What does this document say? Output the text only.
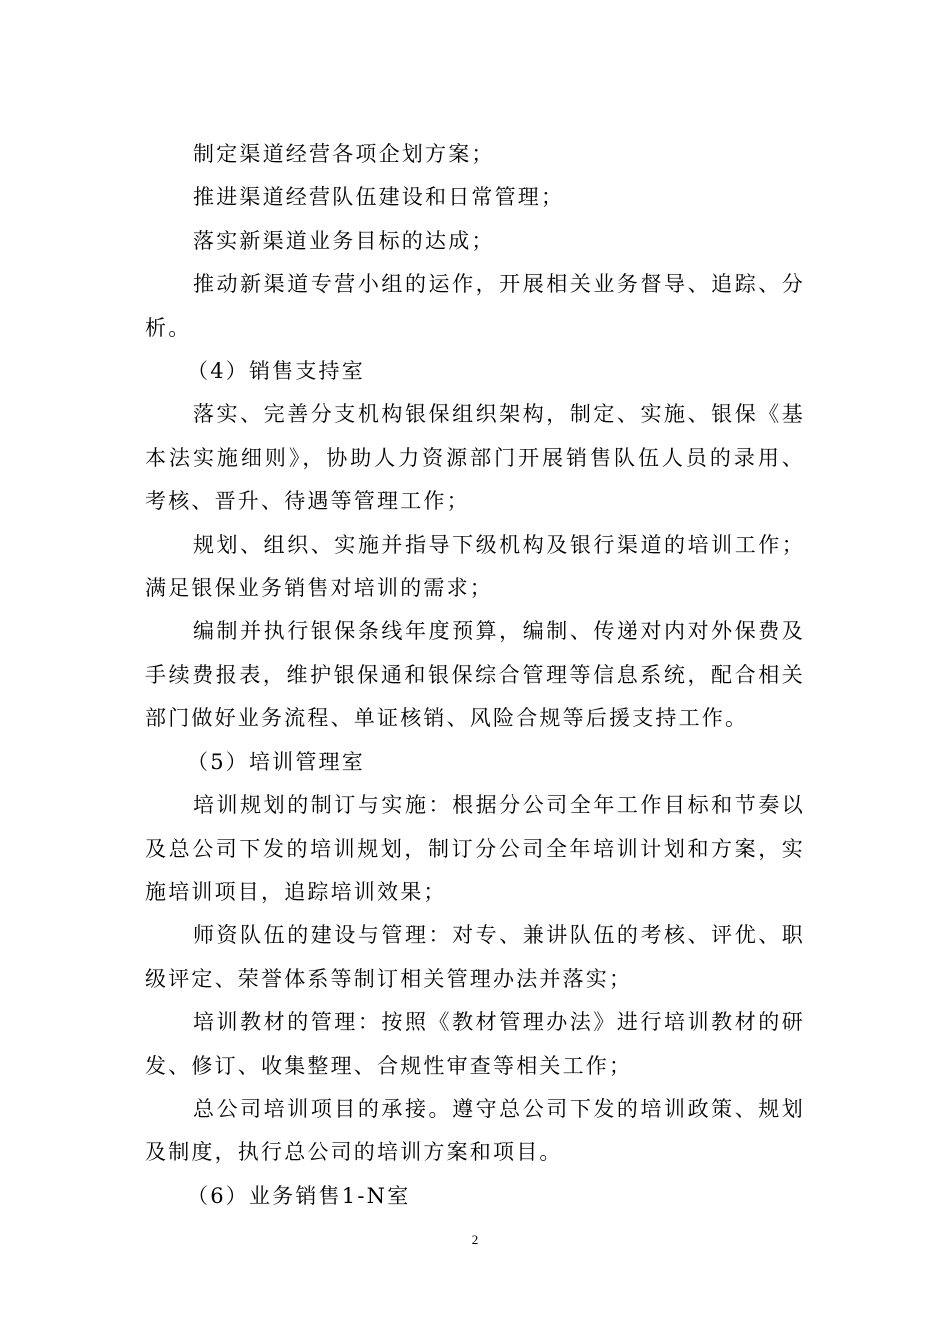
制定渠道经营各项企划方案；

推进渠道经营队伍建设和日常管理；

落实新渠道业务目标的达成；

推动新渠道专营小组的运作，开展相关业务督导、追踪、分析。

（4）销售支持室

落实、完善分支机构银保组织架构，制定、实施、银保《基本法实施细则》，协助人力资源部门开展销售队伍人员的录用、考核、晋升、待遇等管理工作；

规划、组织、实施并指导下级机构及银行渠道的培训工作；满足银保业务销售对培训的需求；

编制并执行银保条线年度预算，编制、传递对内对外保费及手续费报表，维护银保通和银保综合管理等信息系统，配合相关部门做好业务流程、单证核销、风险合规等后援支持工作。

（5）培训管理室

培训规划的制订与实施：根据分公司全年工作目标和节奏以及总公司下发的培训规划，制订分公司全年培训计划和方案，实施培训项目，追踪培训效果；

师资队伍的建设与管理：对专、兼讲队伍的考核、评优、职级评定、荣誉体系等制订相关管理办法并落实；

培训教材的管理：按照《教材管理办法》进行培训教材的研发、修订、收集整理、合规性审查等相关工作；

总公司培训项目的承接。遵守总公司下发的培训政策、规划及制度，执行总公司的培训方案和项目。

（6）业务销售1-N室

2
